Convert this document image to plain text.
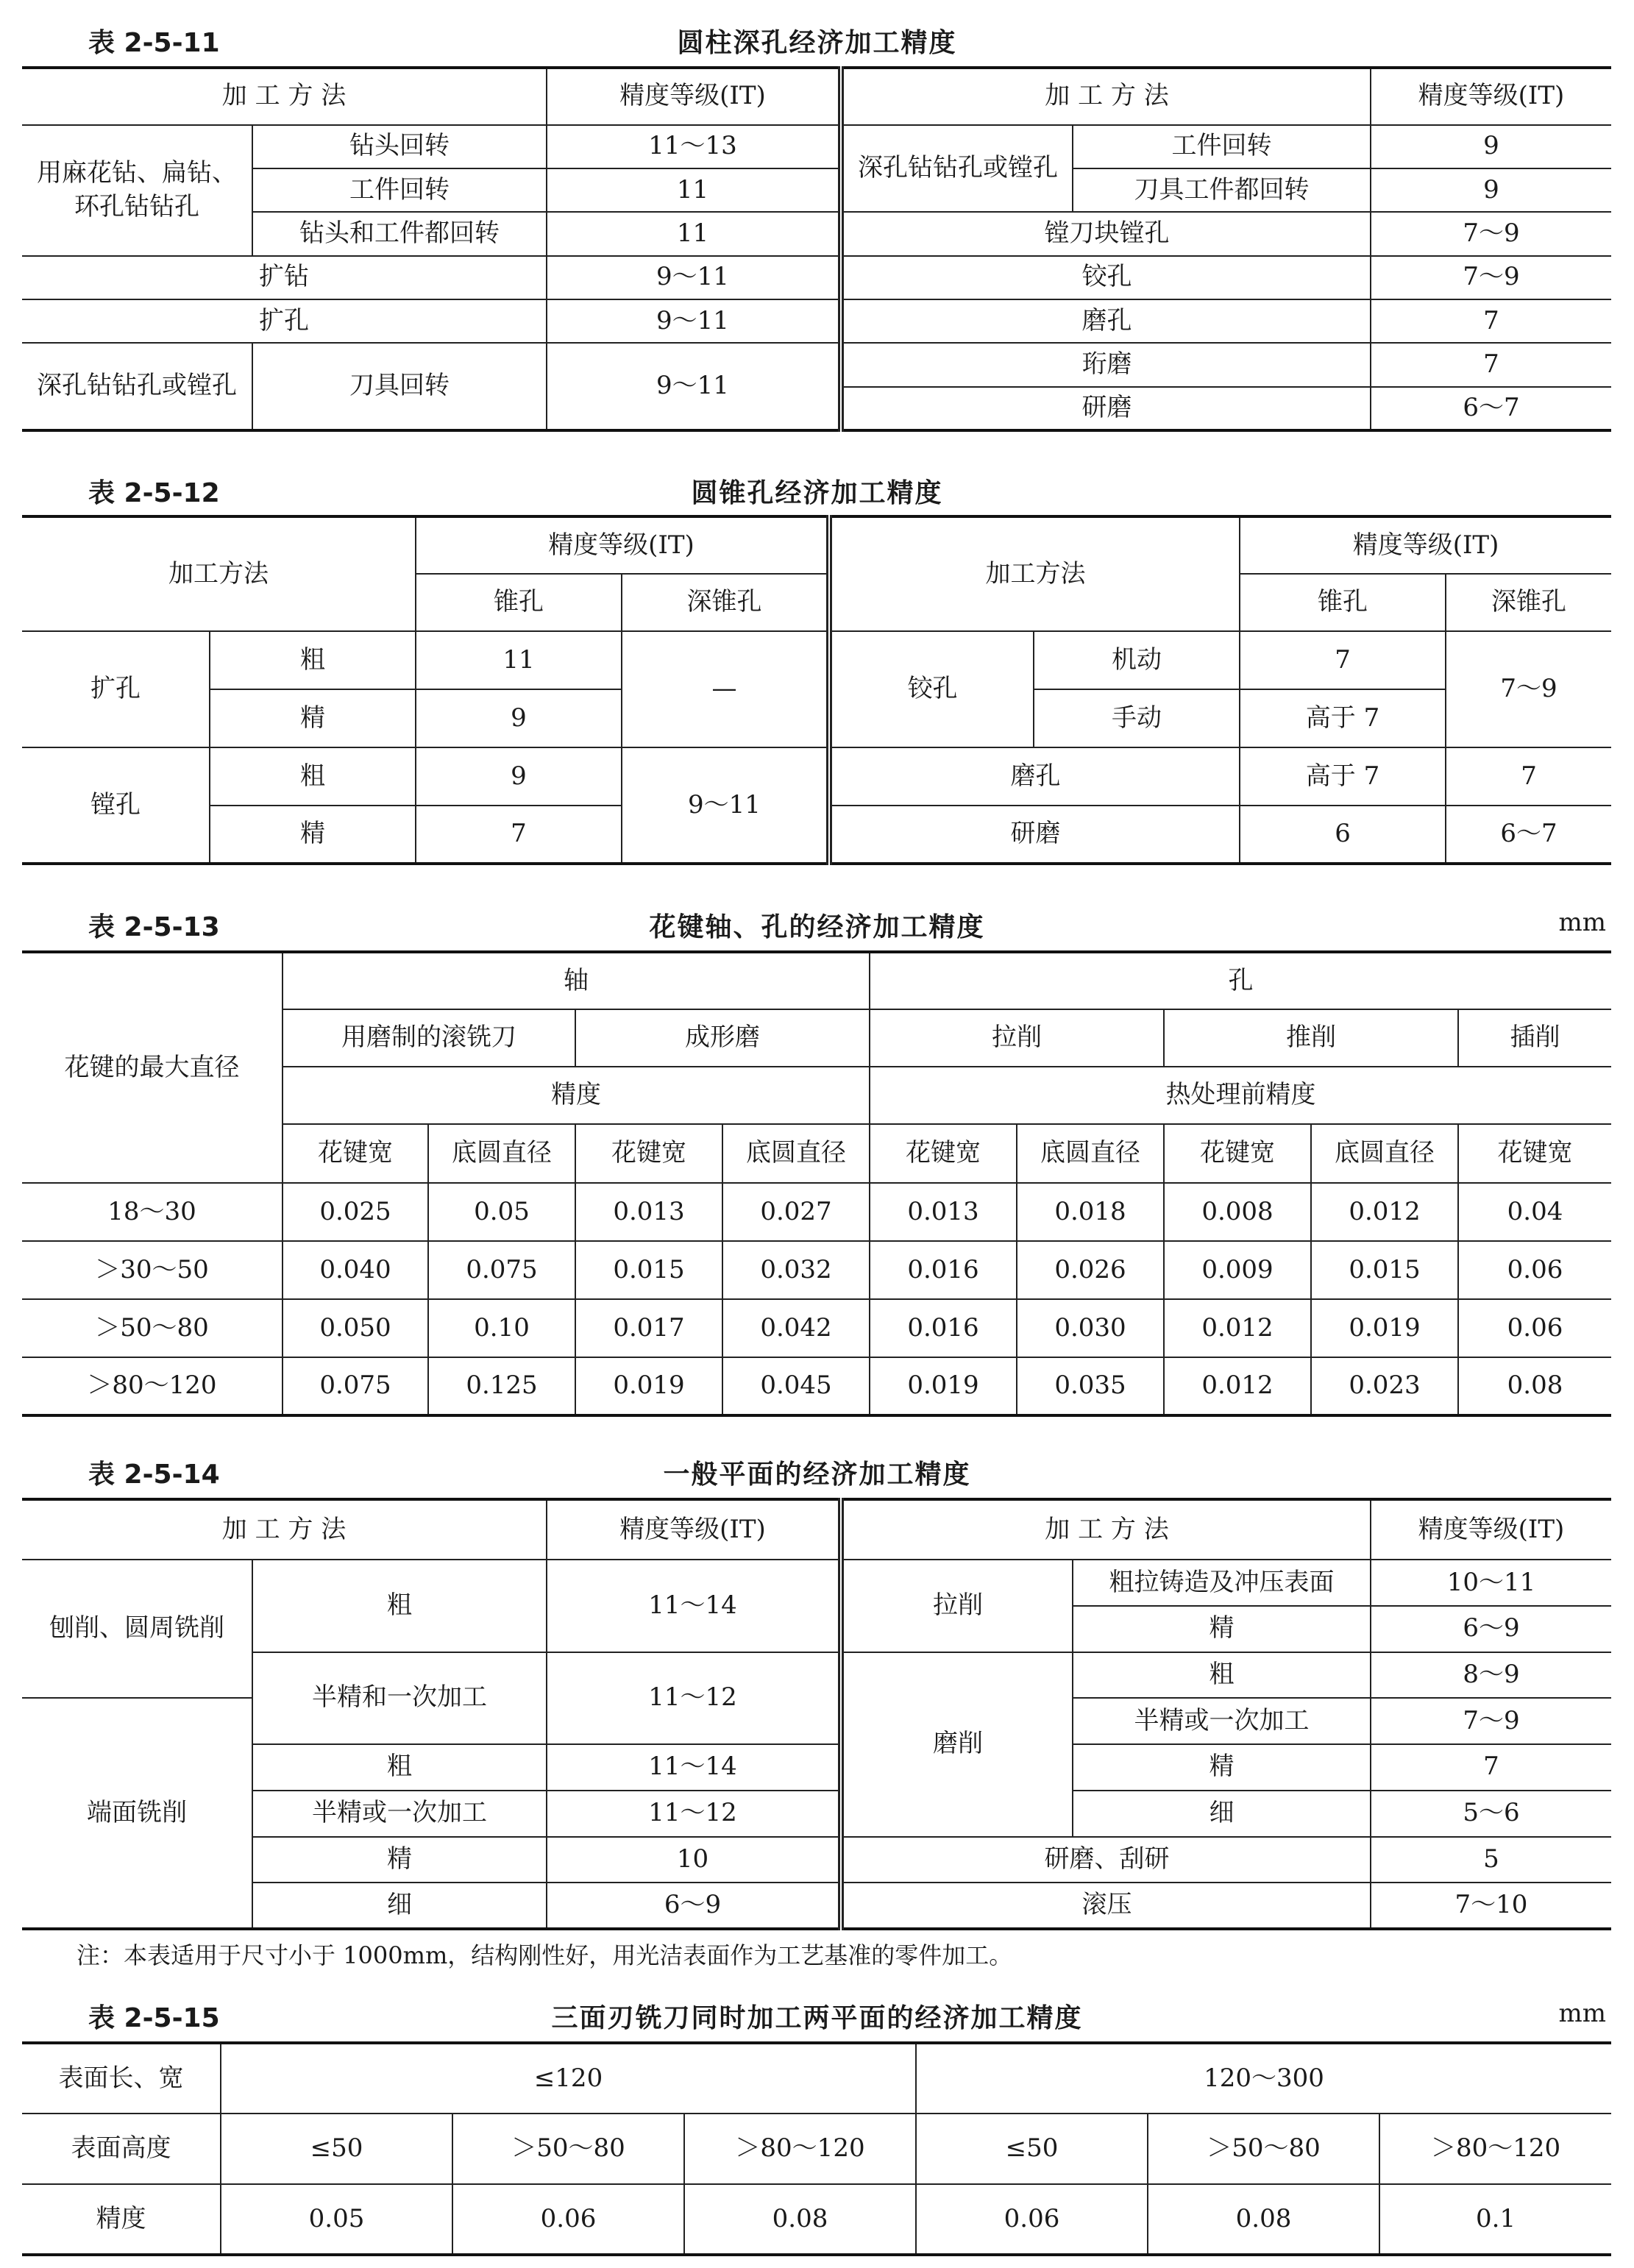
表 2-5-11	圆柱深孔经济加工精度
加 工 方 法		精度等级(IT)	加 工 方 法		精度等级(IT)
用麻花钻、扁钻、环孔钻钻孔	钻头回转	11～13	深孔钻钻孔或镗孔	工件回转	9
	工件回转	11		刀具工件都回转	9
	钻头和工件都回转	11	镗刀块镗孔		7～9
扩钻		9～11	铰孔		7～9
扩孔		9～11	磨孔		7
深孔钻钻孔或镗孔	刀具回转	9～11	珩磨		7
			研磨		6～7
表 2-5-12	圆锥孔经济加工精度
加工方法		精度等级(IT)		加工方法		精度等级(IT)	
		锥孔	深锥孔			锥孔	深锥孔
扩孔	粗	11	—	铰孔	机动	7	7～9
	精	9			手动	高于 7	
镗孔	粗	9	9～11	磨孔		高于 7	7
	精	7		研磨		6	6～7
表 2-5-13	花键轴、孔的经济加工精度	mm
花键的最大直径	轴				孔				
	用磨制的滚铣刀		成形磨		拉削		推削		插削
	精度				热处理前精度				
	花键宽	底圆直径	花键宽	底圆直径	花键宽	底圆直径	花键宽	底圆直径	花键宽
18～30	0.025	0.05	0.013	0.027	0.013	0.018	0.008	0.012	0.04
＞30～50	0.040	0.075	0.015	0.032	0.016	0.026	0.009	0.015	0.06
＞50～80	0.050	0.10	0.017	0.042	0.016	0.030	0.012	0.019	0.06
＞80～120	0.075	0.125	0.019	0.045	0.019	0.035	0.012	0.023	0.08
表 2-5-14	一般平面的经济加工精度
加 工 方 法		精度等级(IT)	加 工 方 法		精度等级(IT)
刨削、圆周铣削	粗	11～14	拉削	粗拉铸造及冲压表面	10～11
				精	6～9
	半精和一次加工	11～12	磨削	粗	8～9
端面铣削				半精或一次加工	7～9
	粗	11～14		精	7
	半精或一次加工	11～12		细	5～6
	精	10	研磨、刮研		5
	细	6～9	滚压		7～10
注：本表适用于尺寸小于 1000mm，结构刚性好，用光洁表面作为工艺基准的零件加工。
表 2-5-15	三面刃铣刀同时加工两平面的经济加工精度	mm
表面长、宽	≤120			120～300		
表面高度	≤50	＞50～80	＞80～120	≤50	＞50～80	＞80～120
精度	0.05	0.06	0.08	0.06	0.08	0.1
